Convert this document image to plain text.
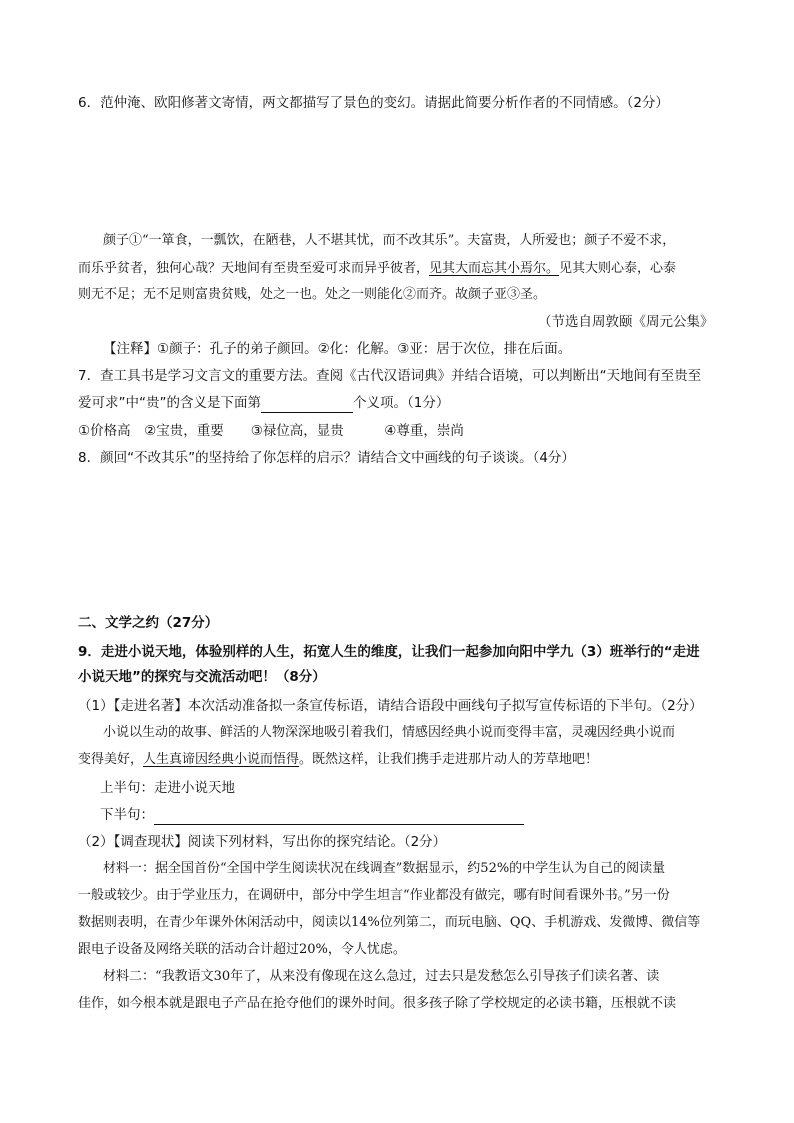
6．范仲淹、欧阳修著文寄情，两文都描写了景色的变幻。请据此简要分析作者的不同情感。（2分）
颜子①“一箪食，一瓢饮，在陋巷，人不堪其忧，而不改其乐”。夫富贵，人所爱也；颜子不爱不求，
而乐乎贫者，独何心哉？天地间有至贵至爱可求而异乎彼者，见其大而忘其小焉尔。见其大则心泰，心泰
则无不足；无不足则富贵贫贱，处之一也。处之一则能化②而齐。故颜子亚③圣。
（节选自周敦颐《周元公集》
【注释】①颜子：孔子的弟子颜回。②化：化解。③亚：居于次位，排在后面。
7．查工具书是学习文言文的重要方法。查阅《古代汉语词典》并结合语境，可以判断出“天地间有至贵至
爱可求”中“贵”的含义是下面第	个义项。（1分）
①价格高　②宝贵，重要　　③禄位高，显贵　　　④尊重，崇尚
8．颜回“不改其乐”的坚持给了你怎样的启示？请结合文中画线的句子谈谈。（4分）
二、文学之约（27分）
9．走进小说天地，体验别样的人生，拓宽人生的维度，让我们一起参加向阳中学九（3）班举行的“走进
小说天地”的探究与交流活动吧！（8分）
（1）【走进名著】本次活动准备拟一条宣传标语，请结合语段中画线句子拟写宣传标语的下半句。（2分）
小说以生动的故事、鲜活的人物深深地吸引着我们，情感因经典小说而变得丰富，灵魂因经典小说而
变得美好，人生真谛因经典小说而悟得。既然这样，让我们携手走进那片动人的芳草地吧！
上半句：走进小说天地
下半句：
（2）【调查现状】阅读下列材料，写出你的探究结论。（2分）
材料一：据全国首份“全国中学生阅读状况在线调查”数据显示，约52%的中学生认为自己的阅读量
一般或较少。由于学业压力，在调研中，部分中学生坦言“作业都没有做完，哪有时间看课外书。”另一份
数据则表明，在青少年课外休闲活动中，阅读以14%位列第二，而玩电脑、QQ、手机游戏、发微博、微信等
跟电子设备及网络关联的活动合计超过20%，令人忧虑。
材料二：“我教语文30年了，从来没有像现在这么急过，过去只是发愁怎么引导孩子们读名著、读
佳作，如今根本就是跟电子产品在抢夺他们的课外时间。很多孩子除了学校规定的必读书籍，压根就不读
